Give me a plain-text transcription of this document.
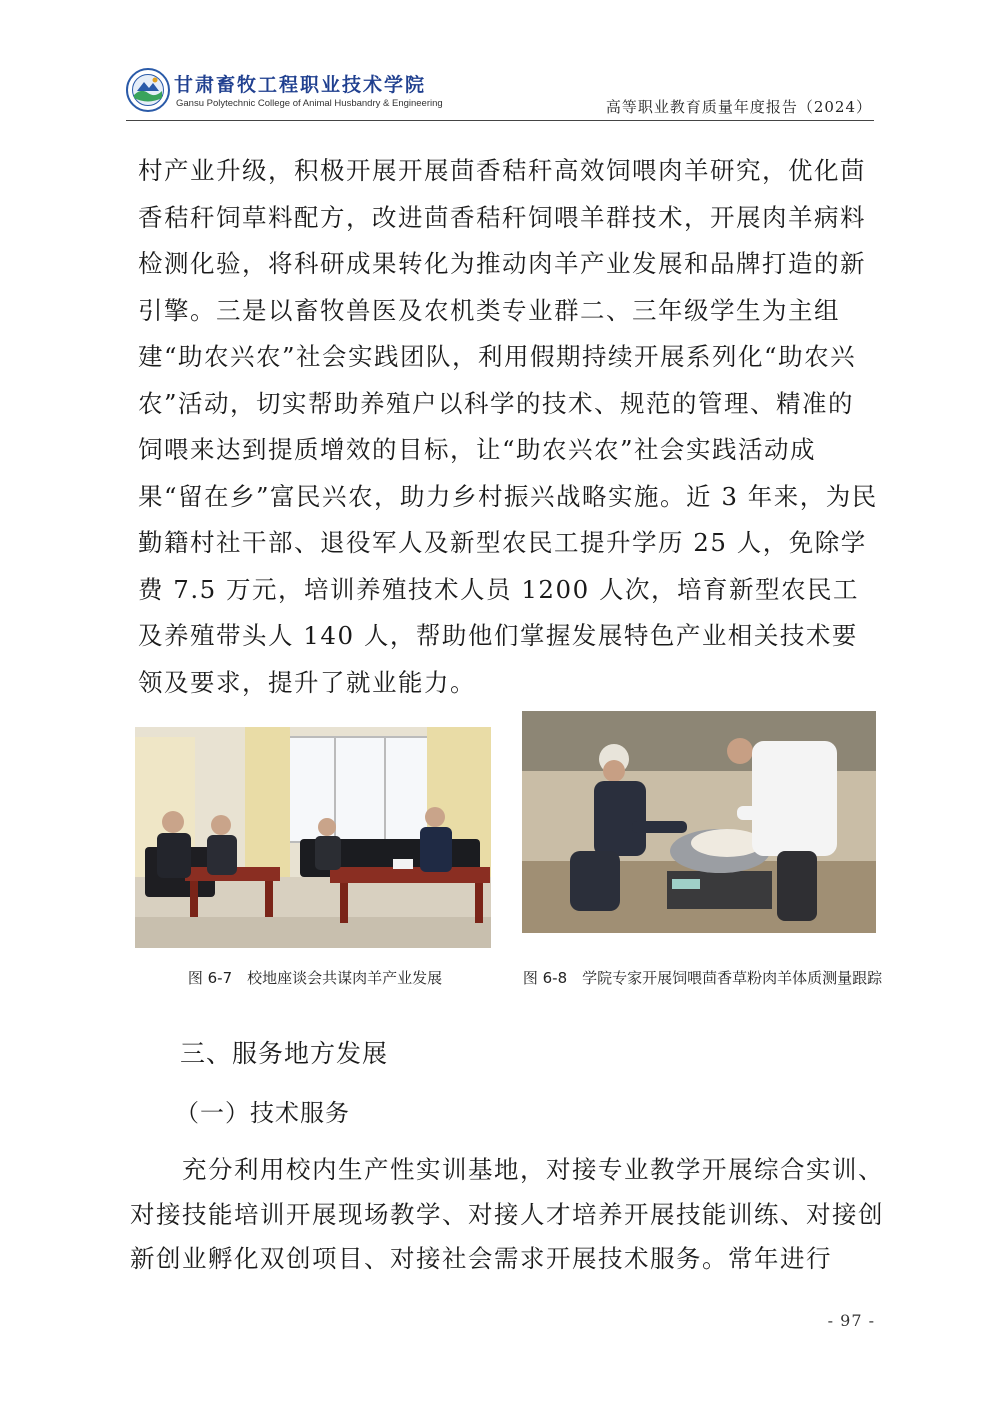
甘肃畜牧工程职业技术学院
Gansu Polytechnic College of Animal Husbandry & Engineering	高等职业教育质量年度报告（2024）

村产业升级，积极开展开展茴香秸秆高效饲喂肉羊研究，优化茴香秸秆饲草料配方，改进茴香秸秆饲喂羊群技术，开展肉羊病料检测化验，将科研成果转化为推动肉羊产业发展和品牌打造的新引擎。三是以畜牧兽医及农机类专业群二、三年级学生为主组建“助农兴农”社会实践团队，利用假期持续开展系列化“助农兴农”活动，切实帮助养殖户以科学的技术、规范的管理、精准的饲喂来达到提质增效的目标，让“助农兴农”社会实践活动成果“留在乡”富民兴农，助力乡村振兴战略实施。近 3 年来，为民勤籍村社干部、退役军人及新型农民工提升学历 25 人，免除学费 7.5 万元，培训养殖技术人员 1200 人次，培育新型农民工及养殖带头人 140 人，帮助他们掌握发展特色产业相关技术要领及要求，提升了就业能力。

图 6-7　校地座谈会共谋肉羊产业发展	图 6-8　学院专家开展饲喂茴香草粉肉羊体质测量跟踪
三、服务地方发展
（一）技术服务

充分利用校内生产性实训基地，对接专业教学开展综合实训、对接技能培训开展现场教学、对接人才培养开展技能训练、对接创新创业孵化双创项目、对接社会需求开展技术服务。常年进行

- 97 -
